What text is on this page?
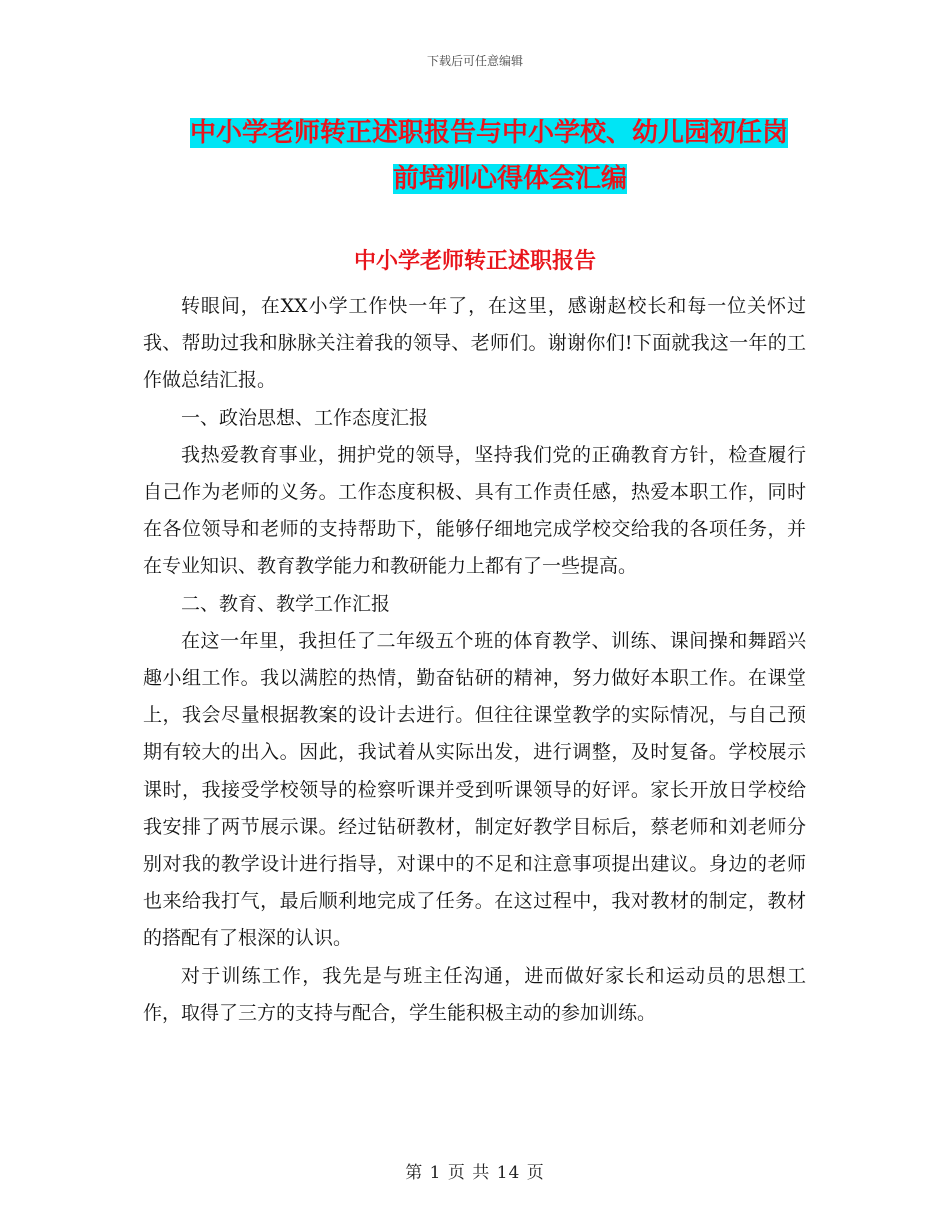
下载后可任意编辑
中小学老师转正述职报告与中小学校、幼儿园初任岗
前培训心得体会汇编
中小学老师转正述职报告

转眼间，在XX小学工作快一年了，在这里，感谢赵校长和每一位关怀过我、帮助过我和脉脉关注着我的领导、老师们。谢谢你们!下面就我这一年的工作做总结汇报。

一、政治思想、工作态度汇报

我热爱教育事业，拥护党的领导，坚持我们党的正确教育方针，检查履行自己作为老师的义务。工作态度积极、具有工作责任感，热爱本职工作，同时在各位领导和老师的支持帮助下，能够仔细地完成学校交给我的各项任务，并在专业知识、教育教学能力和教研能力上都有了一些提高。

二、教育、教学工作汇报

在这一年里，我担任了二年级五个班的体育教学、训练、课间操和舞蹈兴趣小组工作。我以满腔的热情，勤奋钻研的精神，努力做好本职工作。在课堂上，我会尽量根据教案的设计去进行。但往往课堂教学的实际情况，与自己预期有较大的出入。因此，我试着从实际出发，进行调整，及时复备。学校展示课时，我接受学校领导的检察听课并受到听课领导的好评。家长开放日学校给我安排了两节展示课。经过钻研教材，制定好教学目标后，蔡老师和刘老师分别对我的教学设计进行指导，对课中的不足和注意事项提出建议。身边的老师也来给我打气，最后顺利地完成了任务。在这过程中，我对教材的制定，教材的搭配有了根深的认识。

对于训练工作，我先是与班主任沟通，进而做好家长和运动员的思想工作，取得了三方的支持与配合，学生能积极主动的参加训练。

第 1 页 共 14 页
